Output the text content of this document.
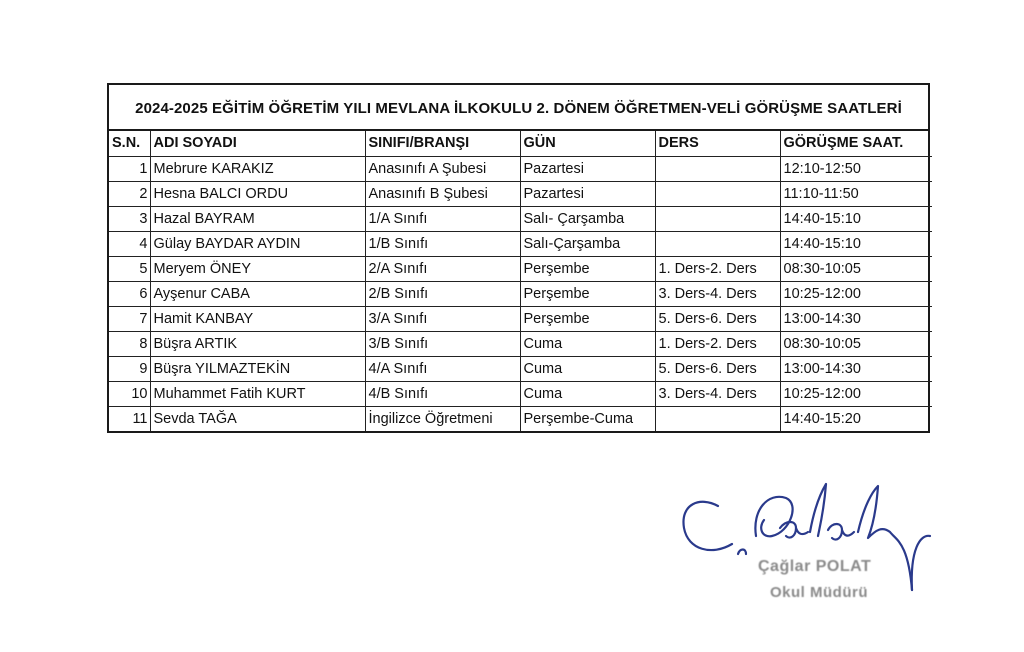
2024-2025 EĞİTİM ÖĞRETİM YILI MEVLANA İLKOKULU 2. DÖNEM ÖĞRETMEN-VELİ GÖRÜŞME SAATLERİ
S.N.	ADI SOYADI	SINIFI/BRANŞI	GÜN	DERS	GÖRÜŞME SAAT.
1	Mebrure KARAKIZ	Anasınıfı A Şubesi	Pazartesi		12:10-12:50
2	Hesna BALCI ORDU	Anasınıfı B Şubesi	Pazartesi		11:10-11:50
3	Hazal BAYRAM	1/A Sınıfı	Salı- Çarşamba		14:40-15:10
4	Gülay BAYDAR AYDIN	1/B Sınıfı	Salı-Çarşamba		14:40-15:10
5	Meryem ÖNEY	2/A Sınıfı	Perşembe	1. Ders-2. Ders	08:30-10:05
6	Ayşenur CABA	2/B Sınıfı	Perşembe	3. Ders-4. Ders	10:25-12:00
7	Hamit KANBAY	3/A Sınıfı	Perşembe	5. Ders-6. Ders	13:00-14:30
8	Büşra ARTIK	3/B Sınıfı	Cuma	1. Ders-2. Ders	08:30-10:05
9	Büşra YILMAZTEKİN	4/A Sınıfı	Cuma	5. Ders-6. Ders	13:00-14:30
10	Muhammet Fatih KURT	4/B Sınıfı	Cuma	3. Ders-4. Ders	10:25-12:00
11	Sevda TAĞA	İngilizce Öğretmeni	Perşembe-Cuma		14:40-15:20
Çağlar POLAT
Okul Müdürü
